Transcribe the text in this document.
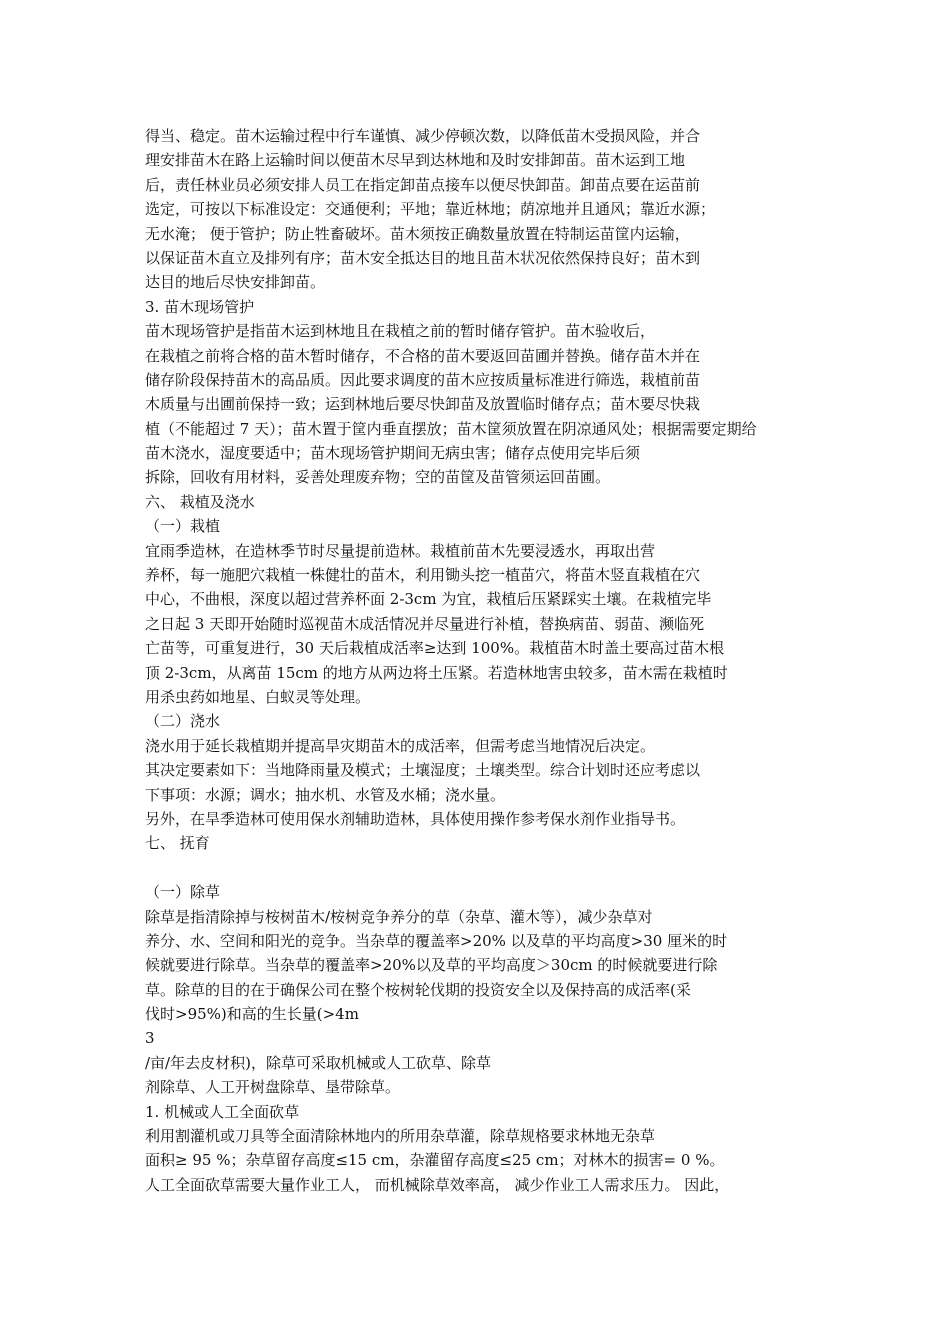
得当、稳定。苗木运输过程中行车谨慎、减少停顿次数，以降低苗木受损风险，并合
理安排苗木在路上运输时间以便苗木尽早到达林地和及时安排卸苗。苗木运到工地
后，责任林业员必须安排人员工在指定卸苗点接车以便尽快卸苗。卸苗点要在运苗前
选定，可按以下标准设定：交通便利；平地；靠近林地；荫凉地并且通风；靠近水源；
无水淹； 便于管护；防止牲畜破坏。苗木须按正确数量放置在特制运苗筐内运输，
以保证苗木直立及排列有序；苗木安全抵达目的地且苗木状况依然保持良好；苗木到
达目的地后尽快安排卸苗。
3. 苗木现场管护
苗木现场管护是指苗木运到林地且在栽植之前的暂时储存管护。苗木验收后，
在栽植之前将合格的苗木暂时储存，不合格的苗木要返回苗圃并替换。储存苗木并在
储存阶段保持苗木的高品质。因此要求调度的苗木应按质量标准进行筛选，栽植前苗
木质量与出圃前保持一致；运到林地后要尽快卸苗及放置临时储存点；苗木要尽快栽
植（不能超过 7 天）；苗木置于筐内垂直摆放；苗木筐须放置在阴凉通风处；根据需要定期给
苗木浇水，湿度要适中；苗木现场管护期间无病虫害；储存点使用完毕后须
拆除，回收有用材料，妥善处理废弃物；空的苗筐及苗管须运回苗圃。
六、 栽植及浇水
（一）栽植
宜雨季造林，在造林季节时尽量提前造林。栽植前苗木先要浸透水，再取出营
养杯，每一施肥穴栽植一株健壮的苗木，利用锄头挖一植苗穴，将苗木竖直栽植在穴
中心，不曲根，深度以超过营养杯面 2-3cm 为宜，栽植后压紧踩实土壤。在栽植完毕
之日起 3 天即开始随时巡视苗木成活情况并尽量进行补植，替换病苗、弱苗、濒临死
亡苗等，可重复进行，30 天后栽植成活率≥达到 100%。栽植苗木时盖土要高过苗木根
顶 2-3cm，从离苗 15cm 的地方从两边将土压紧。若造林地害虫较多，苗木需在栽植时
用杀虫药如地星、白蚁灵等处理。
（二）浇水
浇水用于延长栽植期并提高旱灾期苗木的成活率，但需考虑当地情况后决定。
其决定要素如下：当地降雨量及模式；土壤湿度；土壤类型。综合计划时还应考虑以
下事项：水源；调水；抽水机、水管及水桶；浇水量。
另外，在旱季造林可使用保水剂辅助造林，具体使用操作参考保水剂作业指导书。
七、 抚育
（一）除草
除草是指清除掉与桉树苗木/桉树竞争养分的草（杂草、灌木等），减少杂草对
养分、水、空间和阳光的竞争。当杂草的覆盖率>20% 以及草的平均高度>30 厘米的时
候就要进行除草。当杂草的覆盖率>20%以及草的平均高度＞30cm 的时候就要进行除
草。除草的目的在于确保公司在整个桉树轮伐期的投资安全以及保持高的成活率(采
伐时>95%)和高的生长量(>4m
3
/亩/年去皮材积)，除草可采取机械或人工砍草、除草
剂除草、人工开树盘除草、垦带除草。
1. 机械或人工全面砍草
利用割灌机或刀具等全面清除林地内的所用杂草灌，除草规格要求林地无杂草
面积≥ 95 %；杂草留存高度≤15 cm，杂灌留存高度≤25 cm；对林木的损害= 0 %。
人工全面砍草需要大量作业工人， 而机械除草效率高， 减少作业工人需求压力。 因此，
